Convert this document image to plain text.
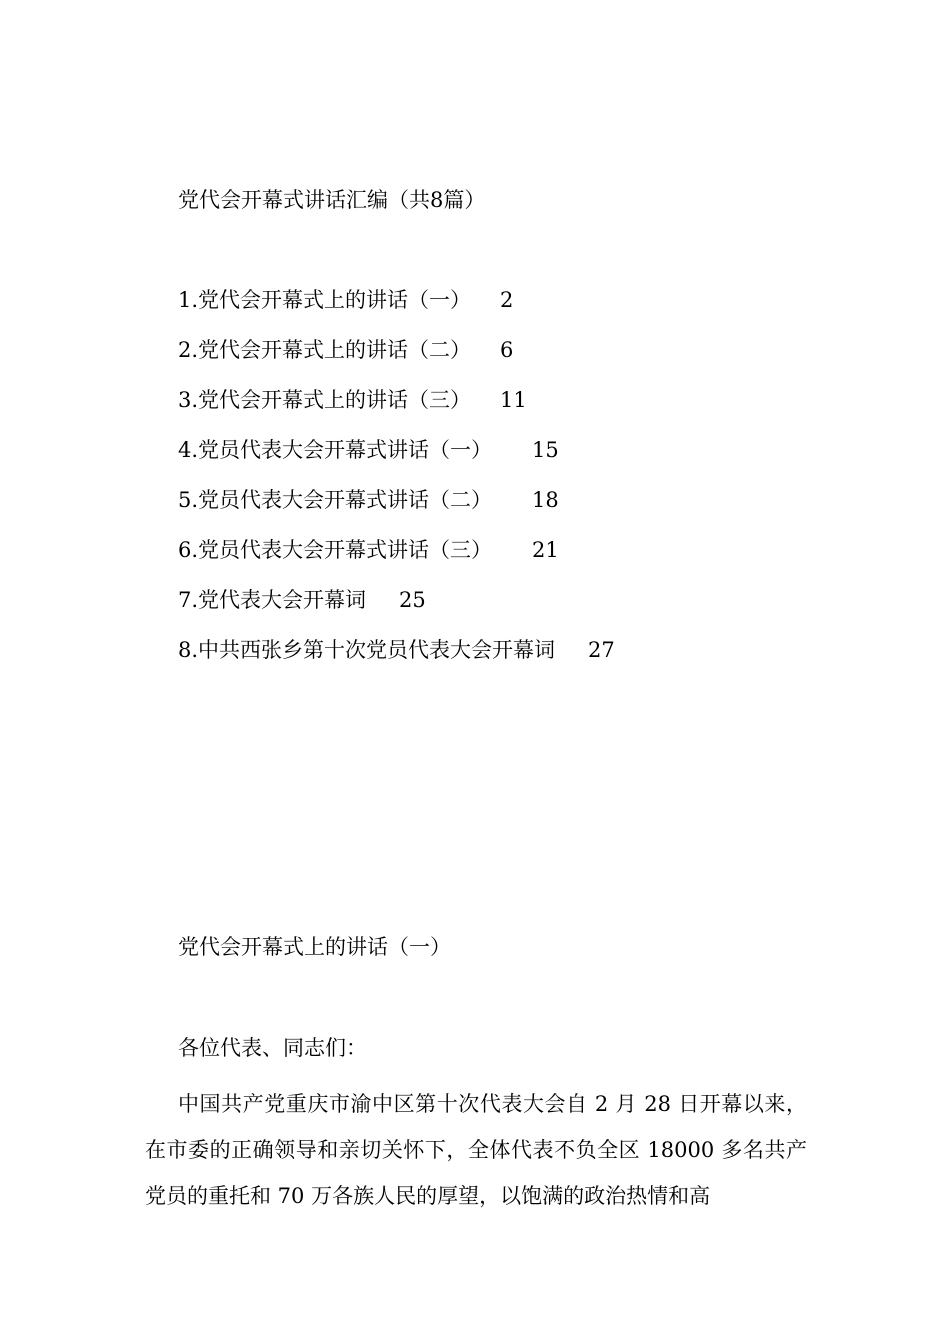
党代会开幕式讲话汇编（共8篇）
1.党代会开幕式上的讲话（一） 2
2.党代会开幕式上的讲话（二） 6
3.党代会开幕式上的讲话（三） 11
4.党员代表大会开幕式讲话（一） 15
5.党员代表大会开幕式讲话（二） 18
6.党员代表大会开幕式讲话（三） 21
7.党代表大会开幕词 25
8.中共西张乡第十次党员代表大会开幕词 27
党代会开幕式上的讲话（一）
各位代表、同志们：

中国共产党重庆市渝中区第十次代表大会自 2 月 28 日开幕以来，在市委的正确领导和亲切关怀下，全体代表不负全区 18000 多名共产党员的重托和 70 万各族人民的厚望，以饱满的政治热情和高
